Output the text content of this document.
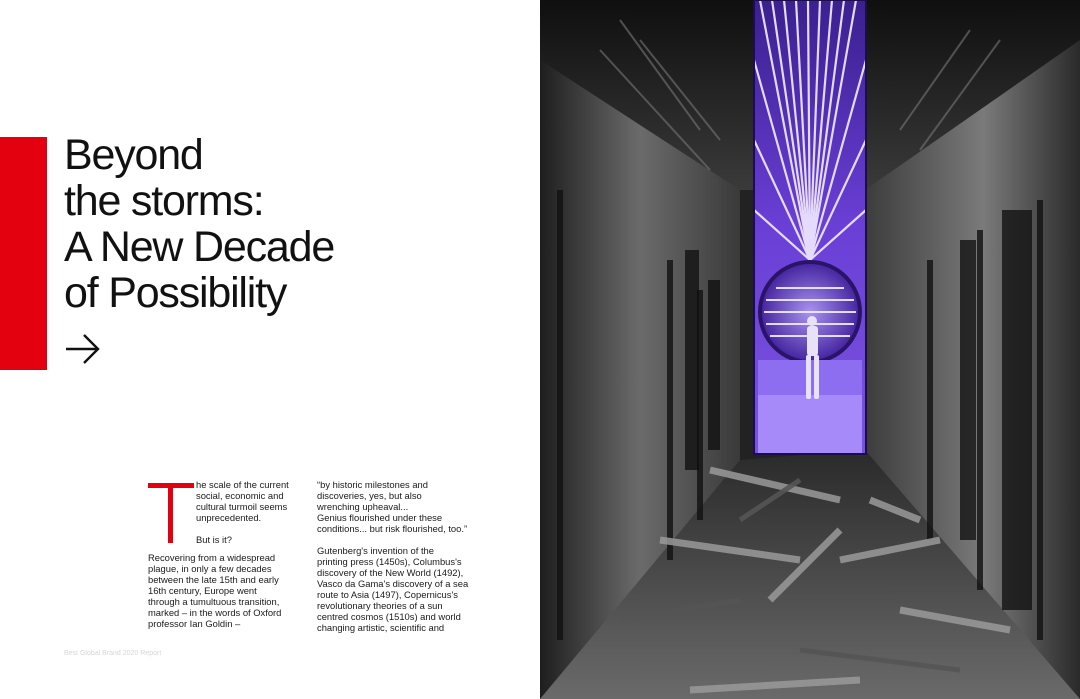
Beyond
the storms:
A New Decade
of Possibility

he scale of the current
social, economic and
cultural turmoil seems
unprecedented.

But is it?

Recovering from a widespread
plague, in only a few decades
between the late 15th and early
16th century, Europe went
through a tumultuous transition,
marked – in the words of Oxford
professor Ian Goldin –

“by historic milestones and
discoveries, yes, but also
wrenching upheaval...
Genius flourished under these
conditions... but risk flourished, too.”

Gutenberg's invention of the
printing press (1450s), Columbus's
discovery of the New World (1492),
Vasco da Gama's discovery of a sea
route to Asia (1497), Copernicus's
revolutionary theories of a sun
centred cosmos (1510s) and world
changing artistic, scientific and

Best Global Brand 2020 Report
